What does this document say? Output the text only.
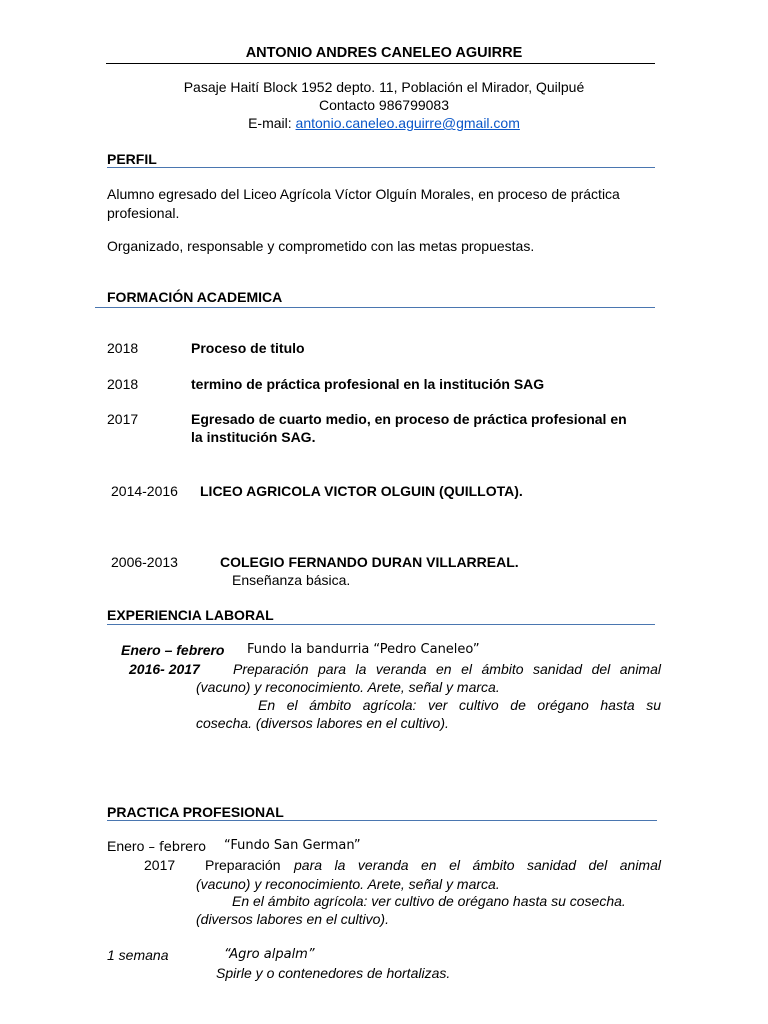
ANTONIO ANDRES CANELEO AGUIRRE
Pasaje Haití Block 1952 depto. 11, Población el Mirador, Quilpué
Contacto 986799083
E-mail: antonio.caneleo.aguirre@gmail.com
PERFIL
Alumno egresado del Liceo Agrícola Víctor Olguín Morales, en proceso de práctica
profesional.
Organizado, responsable y comprometido con las metas propuestas.
FORMACIÓN ACADEMICA
2018	Proceso de titulo
2018	termino de práctica profesional en la institución SAG
2017	Egresado de cuarto medio, en proceso de práctica profesional en
la institución SAG.
2014-2016 LICEO AGRICOLA VICTOR OLGUIN (QUILLOTA).
2006-2013	COLEGIO FERNANDO DURAN VILLARREAL.
Enseñanza básica.
EXPERIENCIA LABORAL
Enero – febrero Fundo la bandurria “Pedro Caneleo”
2016- 2017 Preparación para la veranda en el ámbito sanidad del animal
(vacuno) y reconocimiento. Arete, señal y marca.
En el ámbito agrícola: ver cultivo de orégano hasta su
cosecha. (diversos labores en el cultivo).
PRACTICA PROFESIONAL
Enero – febrero “Fundo San German”
2017 Preparación para la veranda en el ámbito sanidad del animal
(vacuno) y reconocimiento. Arete, señal y marca.
En el ámbito agrícola: ver cultivo de orégano hasta su cosecha.
(diversos labores en el cultivo).
1 semana	“Agro alpalm”
Spirle y o contenedores de hortalizas.
